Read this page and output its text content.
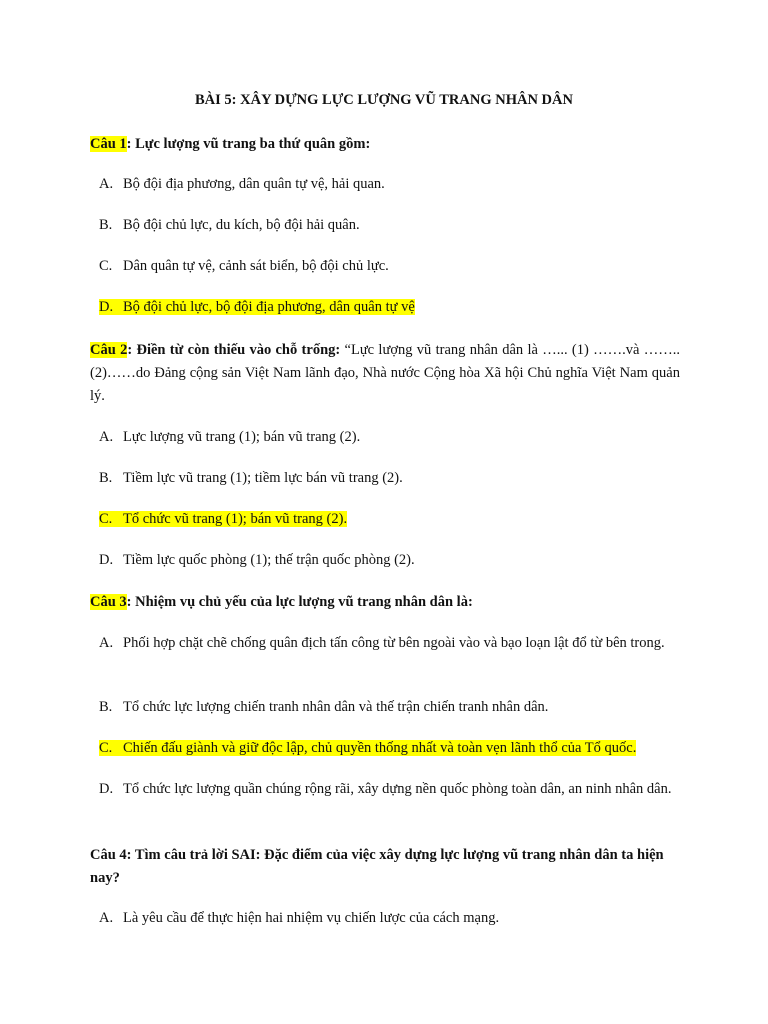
BÀI 5: XÂY DỰNG LỰC LƯỢNG VŨ TRANG NHÂN DÂN
Câu 1: Lực lượng vũ trang ba thứ quân gồm:
A. Bộ đội địa phương, dân quân tự vệ, hải quan.
B. Bộ đội chủ lực, du kích, bộ đội hải quân.
C. Dân quân tự vệ, cảnh sát biển, bộ đội chủ lực.
D. Bộ đội chủ lực, bộ đội địa phương, dân quân tự vệ
Câu 2: Điền từ còn thiếu vào chỗ trống: “Lực lượng vũ trang nhân dân là …... (1) …….và ……..(2)……do Đảng cộng sản Việt Nam lãnh đạo, Nhà nước Cộng hòa Xã hội Chủ nghĩa Việt Nam quản lý.
A. Lực lượng vũ trang (1); bán vũ trang (2).
B. Tiềm lực vũ trang (1); tiềm lực bán vũ trang (2).
C. Tổ chức vũ trang (1); bán vũ trang (2).
D. Tiềm lực quốc phòng (1); thế trận quốc phòng (2).
Câu 3: Nhiệm vụ chủ yếu của lực lượng vũ trang nhân dân là:
A. Phối hợp chặt chẽ chống quân địch tấn công từ bên ngoài vào và bạo loạn lật đổ từ bên trong.
B. Tổ chức lực lượng chiến tranh nhân dân và thế trận chiến tranh nhân dân.
C. Chiến đấu giành và giữ độc lập, chủ quyền thống nhất và toàn vẹn lãnh thổ của Tổ quốc.
D. Tổ chức lực lượng quần chúng rộng rãi, xây dựng nền quốc phòng toàn dân, an ninh nhân dân.
Câu 4: Tìm câu trả lời SAI: Đặc điểm của việc xây dựng lực lượng vũ trang nhân dân ta hiện nay?
A. Là yêu cầu để thực hiện hai nhiệm vụ chiến lược của cách mạng.
